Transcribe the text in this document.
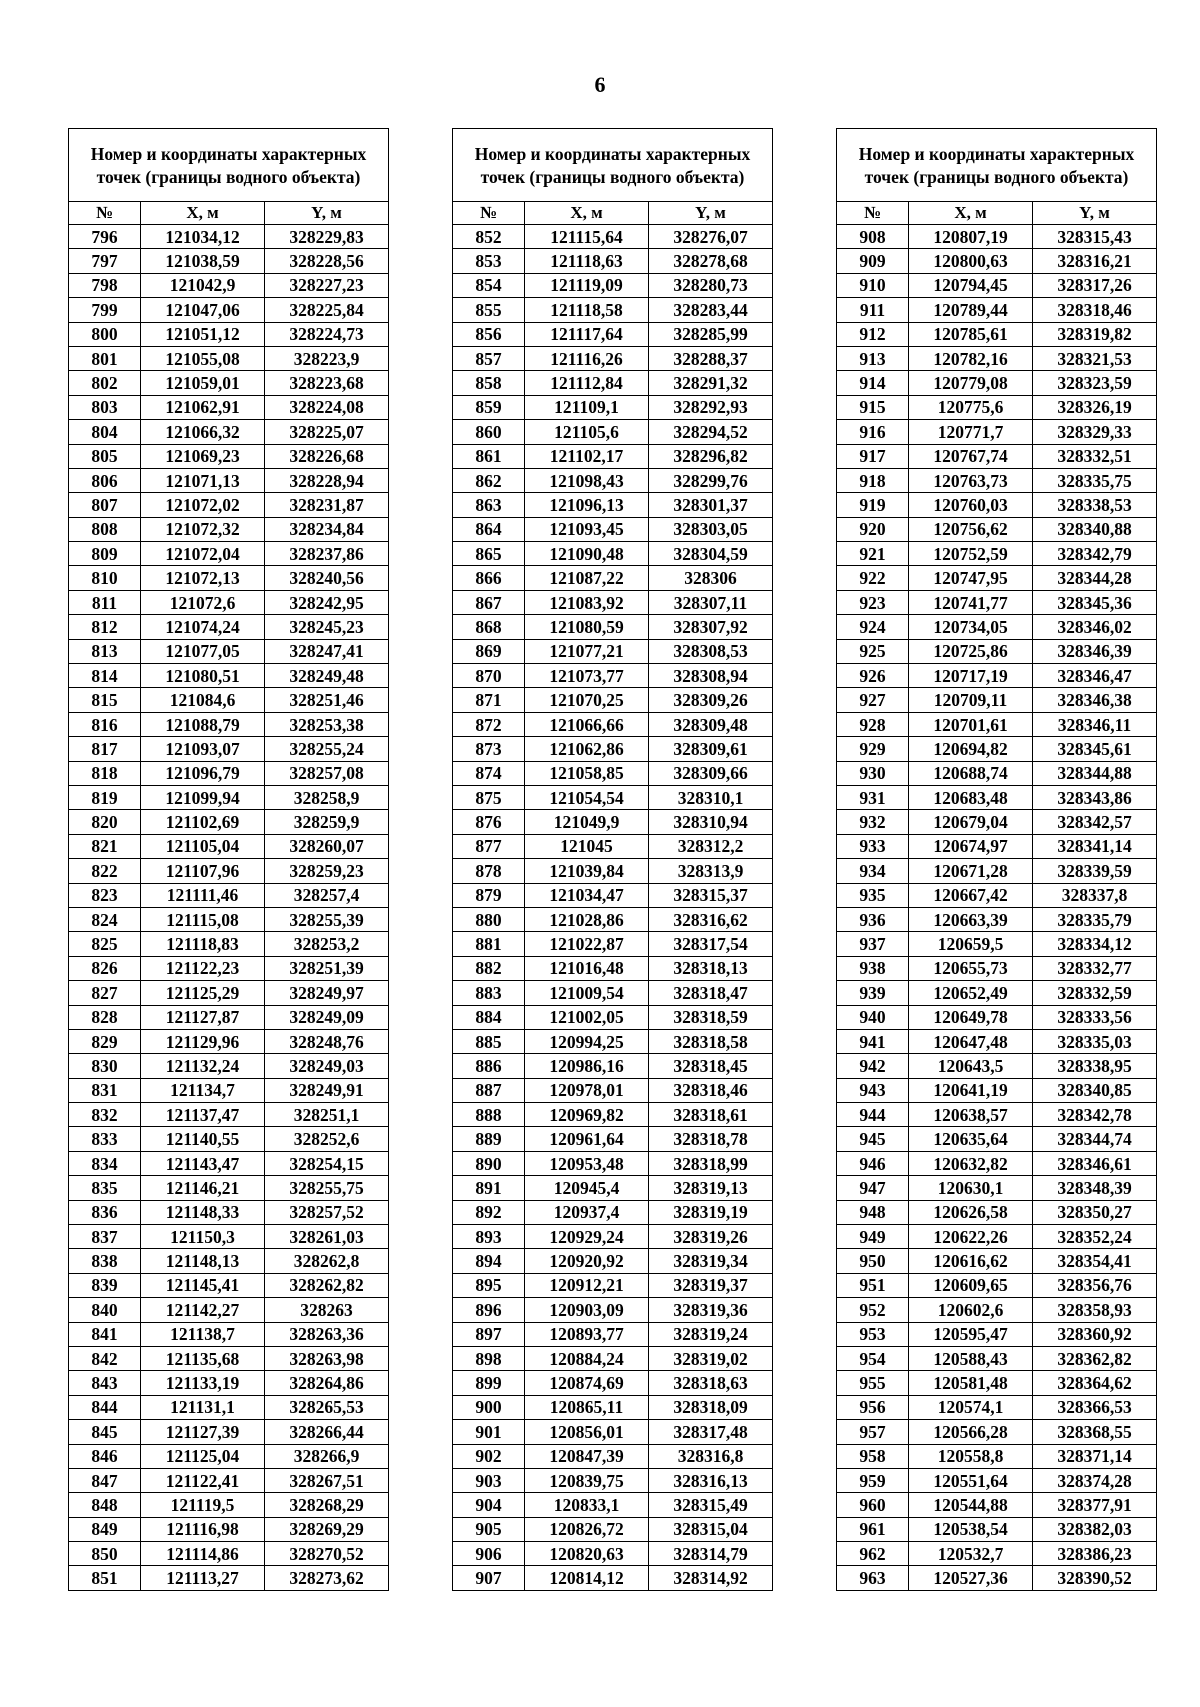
6
Номер и координаты характерных точек (границы водного объекта)		
№	X, м	Y, м
796	121034,12	328229,83
797	121038,59	328228,56
798	121042,9	328227,23
799	121047,06	328225,84
800	121051,12	328224,73
801	121055,08	328223,9
802	121059,01	328223,68
803	121062,91	328224,08
804	121066,32	328225,07
805	121069,23	328226,68
806	121071,13	328228,94
807	121072,02	328231,87
808	121072,32	328234,84
809	121072,04	328237,86
810	121072,13	328240,56
811	121072,6	328242,95
812	121074,24	328245,23
813	121077,05	328247,41
814	121080,51	328249,48
815	121084,6	328251,46
816	121088,79	328253,38
817	121093,07	328255,24
818	121096,79	328257,08
819	121099,94	328258,9
820	121102,69	328259,9
821	121105,04	328260,07
822	121107,96	328259,23
823	121111,46	328257,4
824	121115,08	328255,39
825	121118,83	328253,2
826	121122,23	328251,39
827	121125,29	328249,97
828	121127,87	328249,09
829	121129,96	328248,76
830	121132,24	328249,03
831	121134,7	328249,91
832	121137,47	328251,1
833	121140,55	328252,6
834	121143,47	328254,15
835	121146,21	328255,75
836	121148,33	328257,52
837	121150,3	328261,03
838	121148,13	328262,8
839	121145,41	328262,82
840	121142,27	328263
841	121138,7	328263,36
842	121135,68	328263,98
843	121133,19	328264,86
844	121131,1	328265,53
845	121127,39	328266,44
846	121125,04	328266,9
847	121122,41	328267,51
848	121119,5	328268,29
849	121116,98	328269,29
850	121114,86	328270,52
851	121113,27	328273,62
Номер и координаты характерных точек (границы водного объекта)		
№	X, м	Y, м
852	121115,64	328276,07
853	121118,63	328278,68
854	121119,09	328280,73
855	121118,58	328283,44
856	121117,64	328285,99
857	121116,26	328288,37
858	121112,84	328291,32
859	121109,1	328292,93
860	121105,6	328294,52
861	121102,17	328296,82
862	121098,43	328299,76
863	121096,13	328301,37
864	121093,45	328303,05
865	121090,48	328304,59
866	121087,22	328306
867	121083,92	328307,11
868	121080,59	328307,92
869	121077,21	328308,53
870	121073,77	328308,94
871	121070,25	328309,26
872	121066,66	328309,48
873	121062,86	328309,61
874	121058,85	328309,66
875	121054,54	328310,1
876	121049,9	328310,94
877	121045	328312,2
878	121039,84	328313,9
879	121034,47	328315,37
880	121028,86	328316,62
881	121022,87	328317,54
882	121016,48	328318,13
883	121009,54	328318,47
884	121002,05	328318,59
885	120994,25	328318,58
886	120986,16	328318,45
887	120978,01	328318,46
888	120969,82	328318,61
889	120961,64	328318,78
890	120953,48	328318,99
891	120945,4	328319,13
892	120937,4	328319,19
893	120929,24	328319,26
894	120920,92	328319,34
895	120912,21	328319,37
896	120903,09	328319,36
897	120893,77	328319,24
898	120884,24	328319,02
899	120874,69	328318,63
900	120865,11	328318,09
901	120856,01	328317,48
902	120847,39	328316,8
903	120839,75	328316,13
904	120833,1	328315,49
905	120826,72	328315,04
906	120820,63	328314,79
907	120814,12	328314,92
Номер и координаты характерных точек (границы водного объекта)		
№	X, м	Y, м
908	120807,19	328315,43
909	120800,63	328316,21
910	120794,45	328317,26
911	120789,44	328318,46
912	120785,61	328319,82
913	120782,16	328321,53
914	120779,08	328323,59
915	120775,6	328326,19
916	120771,7	328329,33
917	120767,74	328332,51
918	120763,73	328335,75
919	120760,03	328338,53
920	120756,62	328340,88
921	120752,59	328342,79
922	120747,95	328344,28
923	120741,77	328345,36
924	120734,05	328346,02
925	120725,86	328346,39
926	120717,19	328346,47
927	120709,11	328346,38
928	120701,61	328346,11
929	120694,82	328345,61
930	120688,74	328344,88
931	120683,48	328343,86
932	120679,04	328342,57
933	120674,97	328341,14
934	120671,28	328339,59
935	120667,42	328337,8
936	120663,39	328335,79
937	120659,5	328334,12
938	120655,73	328332,77
939	120652,49	328332,59
940	120649,78	328333,56
941	120647,48	328335,03
942	120643,5	328338,95
943	120641,19	328340,85
944	120638,57	328342,78
945	120635,64	328344,74
946	120632,82	328346,61
947	120630,1	328348,39
948	120626,58	328350,27
949	120622,26	328352,24
950	120616,62	328354,41
951	120609,65	328356,76
952	120602,6	328358,93
953	120595,47	328360,92
954	120588,43	328362,82
955	120581,48	328364,62
956	120574,1	328366,53
957	120566,28	328368,55
958	120558,8	328371,14
959	120551,64	328374,28
960	120544,88	328377,91
961	120538,54	328382,03
962	120532,7	328386,23
963	120527,36	328390,52
